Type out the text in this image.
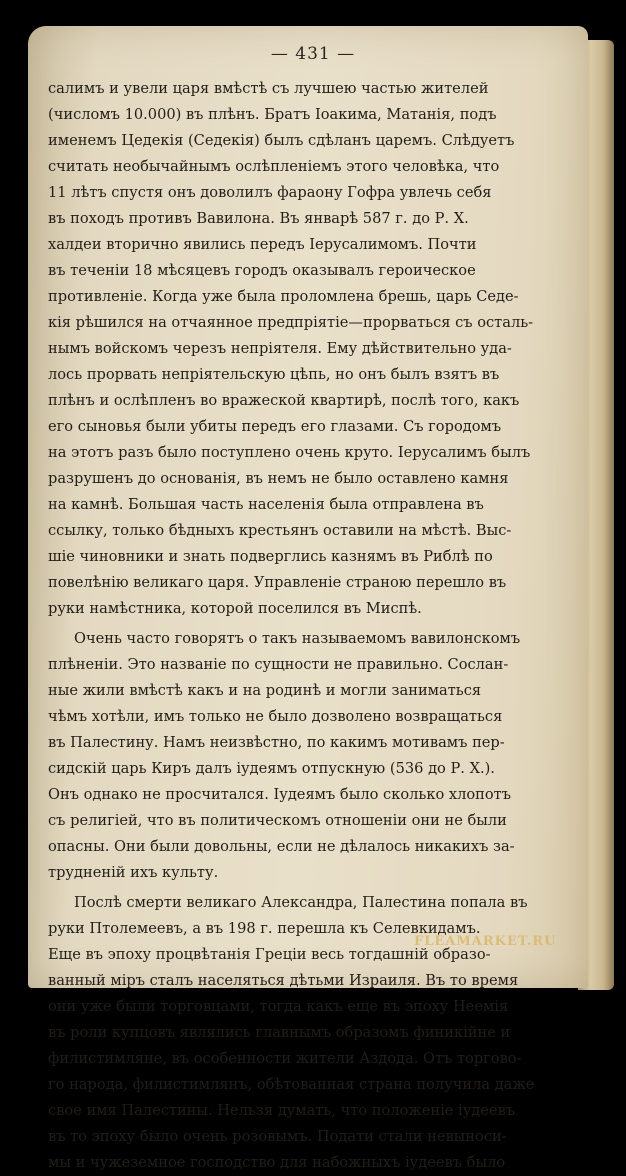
— 431 —
салимъ и увели царя вмѣстѣ съ лучшею частью жителей
(числомъ 10.000) въ плѣнъ. Братъ Іоакима, Матанія, подъ
именемъ Цедекія (Седекія) былъ сдѣланъ царемъ. Слѣдуетъ
считать необычайнымъ ослѣпленіемъ этого человѣка, что
11 лѣтъ спустя онъ доволилъ фараону Гофра увлечь себя
въ походъ противъ Вавилона. Въ январѣ 587 г. до Р. Х.
халдеи вторично явились передъ Іерусалимомъ. Почти
въ теченіи 18 мѣсяцевъ городъ оказывалъ героическое
противленіе. Когда уже была проломлена брешь, царь Седе-
кія рѣшился на отчаянное предпріятіе—прорваться съ осталь-
нымъ войскомъ черезъ непріятеля. Ему дѣйствительно уда-
лось прорвать непріятельскую цѣпь, но онъ былъ взятъ въ
плѣнъ и ослѣпленъ во вражеской квартирѣ, послѣ того, какъ
его сыновья были убиты передъ его глазами. Съ городомъ
на этотъ разъ было поступлено очень круто. Іерусалимъ былъ
разрушенъ до основанія, въ немъ не было оставлено камня
на камнѣ. Большая часть населенія была отправлена въ
ссылку, только бѣдныхъ крестьянъ оставили на мѣстѣ. Выс-
шіе чиновники и знать подверглись казнямъ въ Риблѣ по
повелѣнію великаго царя. Управленіе страною перешло въ
руки намѣстника, которой поселился въ Миспѣ.
Очень часто говорятъ о такъ называемомъ вавилонскомъ
плѣненіи. Это названіе по сущности не правильно. Сослан-
ные жили вмѣстѣ какъ и на родинѣ и могли заниматься
чѣмъ хотѣли, имъ только не было дозволено возвращаться
въ Палестину. Намъ неизвѣстно, по какимъ мотивамъ пер-
сидскій царь Киръ далъ іудеямъ отпускную (536 до Р. Х.).
Онъ однако не просчитался. Іудеямъ было сколько хлопотъ
съ религіей, что въ политическомъ отношеніи они не были
опасны. Они были довольны, если не дѣлалось никакихъ за-
трудненій ихъ культу.
Послѣ смерти великаго Александра, Палестина попала въ
руки Птолемеевъ, а въ 198 г. перешла къ Селевкидамъ.
Еще въ эпоху процвѣтанія Греціи весь тогдашній образо-
ванный міръ сталъ населяться дѣтьми Израиля. Въ то время
они уже были торговцами, тогда какъ еще въ эпоху Неемія
въ роли купцовъ являлись главнымъ образомъ финикійне и
филистимляне, въ особенности жители Аздода. Отъ торгово-
го народа, филистимлянъ, обѣтованная страна получила даже
свое имя Палестины. Нельзя думать, что положеніе іудеевъ
въ то эпоху было очень розовымъ. Подати стали невыноси-
мы и чужеземное господство для набожныхъ іудеевъ было
FLEAMARKET.RU
